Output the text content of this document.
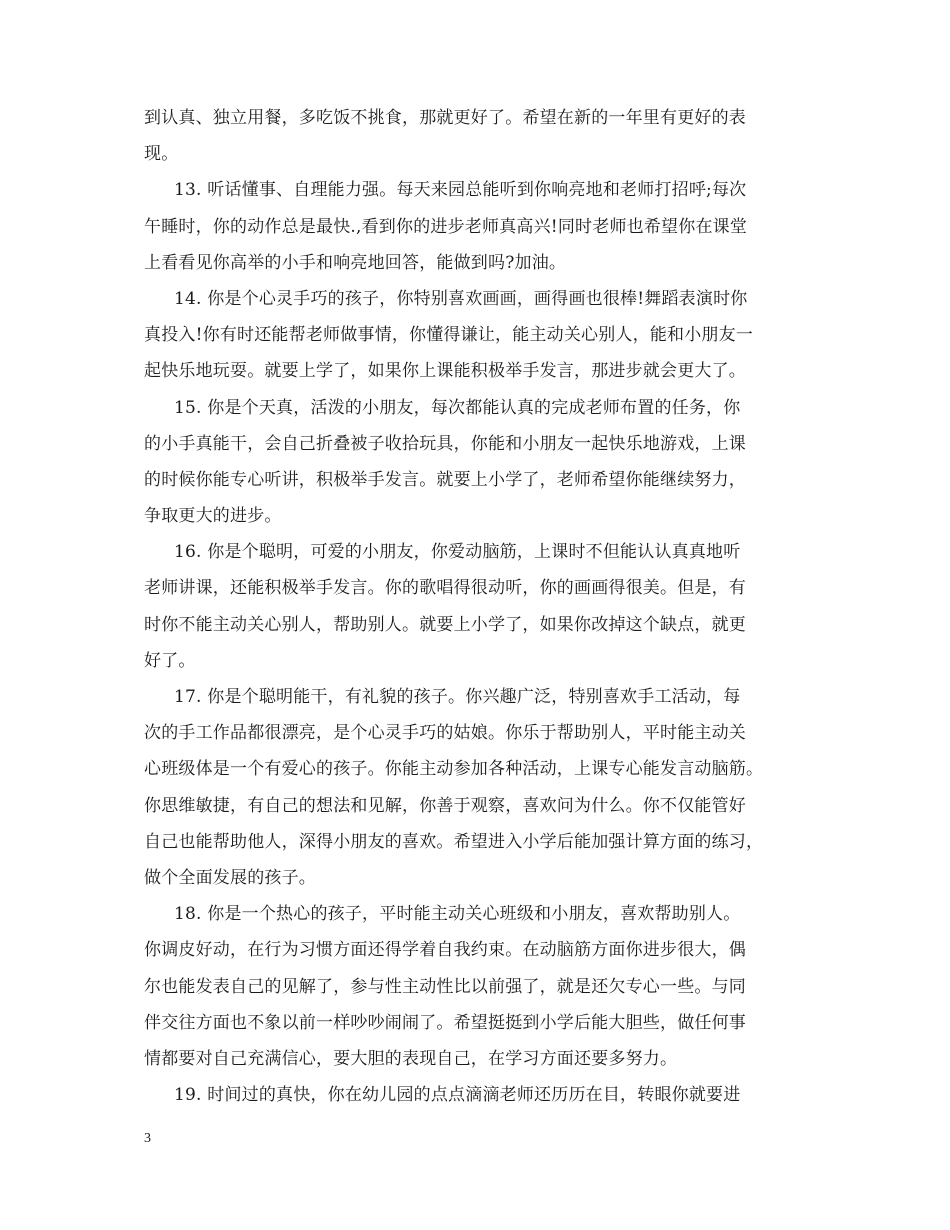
到认真、独立用餐，多吃饭不挑食，那就更好了。希望在新的一年里有更好的表
现。
13. 听话懂事、自理能力强。每天来园总能听到你响亮地和老师打招呼;每次
午睡时，你的动作总是最快.,看到你的进步老师真高兴!同时老师也希望你在课堂
上看看见你高举的小手和响亮地回答，能做到吗?加油。
14. 你是个心灵手巧的孩子，你特别喜欢画画，画得画也很棒!舞蹈表演时你
真投入!你有时还能帮老师做事情，你懂得谦让，能主动关心别人，能和小朋友一
起快乐地玩耍。就要上学了，如果你上课能积极举手发言，那进步就会更大了。
15. 你是个天真，活泼的小朋友，每次都能认真的完成老师布置的任务，你
的小手真能干，会自己折叠被子收拾玩具，你能和小朋友一起快乐地游戏，上课
的时候你能专心听讲，积极举手发言。就要上小学了，老师希望你能继续努力，
争取更大的进步。
16. 你是个聪明，可爱的小朋友，你爱动脑筋，上课时不但能认认真真地听
老师讲课，还能积极举手发言。你的歌唱得很动听，你的画画得很美。但是，有
时你不能主动关心别人，帮助别人。就要上小学了，如果你改掉这个缺点，就更
好了。
17. 你是个聪明能干，有礼貌的孩子。你兴趣广泛，特别喜欢手工活动，每
次的手工作品都很漂亮，是个心灵手巧的姑娘。你乐于帮助别人，平时能主动关
心班级体是一个有爱心的孩子。你能主动参加各种活动，上课专心能发言动脑筋。
你思维敏捷，有自己的想法和见解，你善于观察，喜欢问为什么。你不仅能管好
自己也能帮助他人，深得小朋友的喜欢。希望进入小学后能加强计算方面的练习，
做个全面发展的孩子。
18. 你是一个热心的孩子，平时能主动关心班级和小朋友，喜欢帮助别人。
你调皮好动，在行为习惯方面还得学着自我约束。在动脑筋方面你进步很大，偶
尔也能发表自己的见解了，参与性主动性比以前强了，就是还欠专心一些。与同
伴交往方面也不象以前一样吵吵闹闹了。希望挺挺到小学后能大胆些，做任何事
情都要对自己充满信心，要大胆的表现自己，在学习方面还要多努力。
19. 时间过的真快，你在幼儿园的点点滴滴老师还历历在目，转眼你就要进
3
